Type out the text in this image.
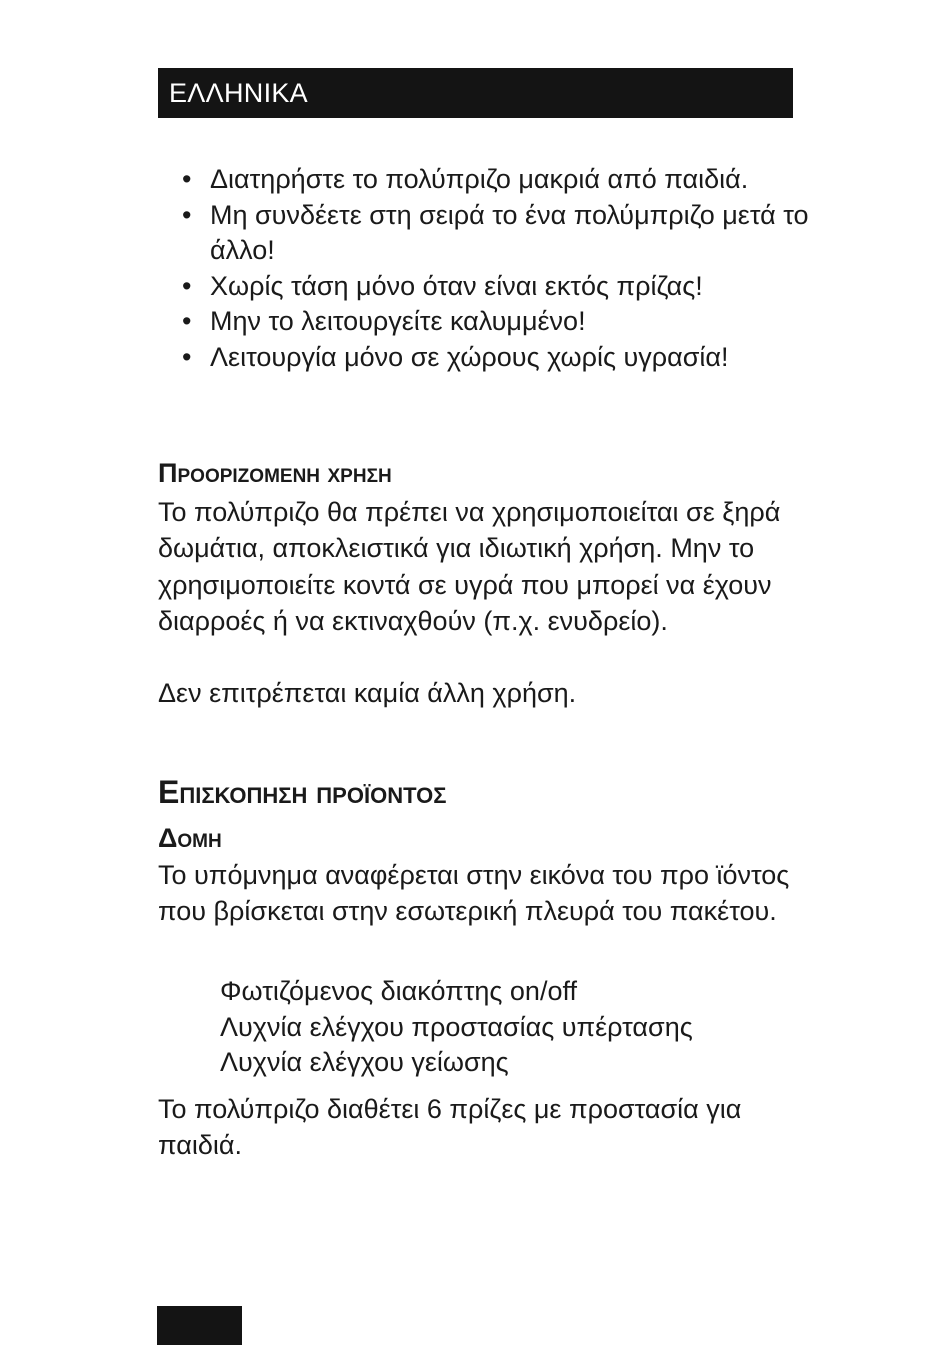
ΕΛΛΗΝΙΚΑ
• Διατηρήστε το πολύπριζο μακριά από παιδιά.
• Μη συνδέετε στη σειρά το ένα πολύμπριζο μετά το άλλο!
• Χωρίς τάση μόνο όταν είναι εκτός πρίζας!
• Μην το λειτουργείτε καλυμμένο!
• Λειτουργία μόνο σε χώρους χωρίς υγρασία!
Προοριζομενη χρηση

Το πολύπριζο θα πρέπει να χρησιμοποιείται σε ξηρά δωμάτια, αποκλειστικά για ιδιωτική χρήση. Μην το χρησιμοποιείτε κοντά σε υγρά που μπορεί να έχουν διαρροές ή να εκτιναχθούν (π.χ. ενυδρείο).

Δεν επιτρέπεται καμία άλλη χρήση.

Επισκοπηση προϊοντος
Δομη

Το υπόμνημα αναφέρεται στην εικόνα του προ ϊόντος που βρίσκεται στην εσωτερική πλευρά του πακέτου.

Φωτιζόμενος διακόπτης on/off
Λυχνία ελέγχου προστασίας υπέρτασης
Λυχνία ελέγχου γείωσης

Το πολύπριζο διαθέτει 6 πρίζες με προστασία για παιδιά.
